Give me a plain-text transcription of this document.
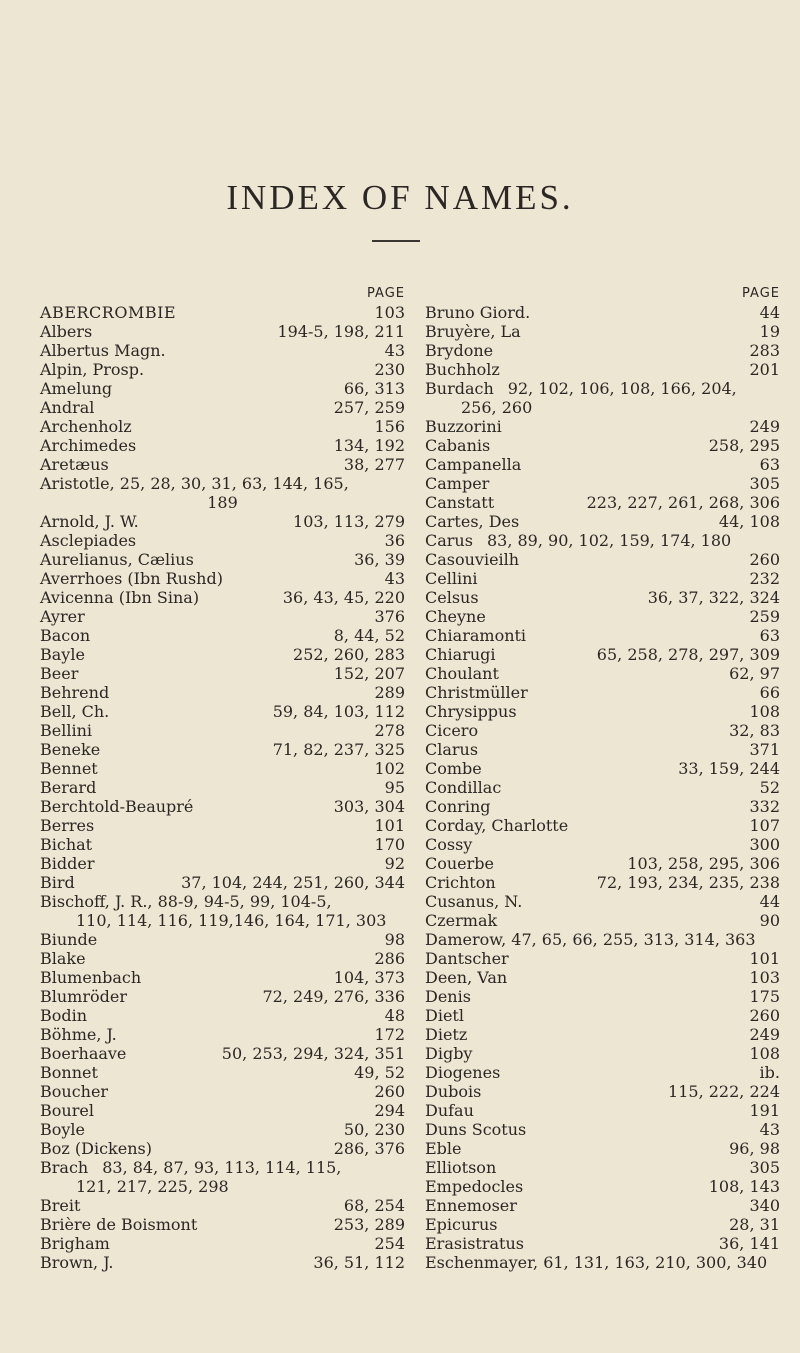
INDEX OF NAMES.
PAGE
ABERCROMBIE	103
Albers	194-5, 198, 211
Albertus Magn.	43
Alpin, Prosp.	230
Amelung	66, 313
Andral	257, 259
Archenholz	156
Archimedes	134, 192
Aretæus	38, 277
Aristotle, 25, 28, 30, 31, 63, 144, 165,
189
Arnold, J. W.	103, 113, 279
Asclepiades	36
Aurelianus, Cælius	36, 39
Averrhoes (Ibn Rushd)	43
Avicenna (Ibn Sina)	36, 43, 45, 220
Ayrer	376
Bacon	8, 44, 52
Bayle	252, 260, 283
Beer	152, 207
Behrend	289
Bell, Ch.	59, 84, 103, 112
Bellini	278
Beneke	71, 82, 237, 325
Bennet	102
Berard	95
Berchtold-Beaupré	303, 304
Berres	101
Bichat	170
Bidder	92
Bird	37, 104, 244, 251, 260, 344
Bischoff, J. R., 88-9, 94-5, 99, 104-5,
110, 114, 116, 119,146, 164, 171, 303
Biunde	98
Blake	286
Blumenbach	104, 373
Blumröder	72, 249, 276, 336
Bodin	48
Böhme, J.	172
Boerhaave	50, 253, 294, 324, 351
Bonnet	49, 52
Boucher	260
Bourel	294
Boyle	50, 230
Boz (Dickens)	286, 376
Brach 83, 84, 87, 93, 113, 114, 115,
121, 217, 225, 298
Breit	68, 254
Brière de Boismont	253, 289
Brigham	254
Brown, J.	36, 51, 112
PAGE
Bruno Giord.	44
Bruyère, La	19
Brydone	283
Buchholz	201
Burdach 92, 102, 106, 108, 166, 204,
256, 260
Buzzorini	249
Cabanis	258, 295
Campanella	63
Camper	305
Canstatt	223, 227, 261, 268, 306
Cartes, Des	44, 108
Carus 83, 89, 90, 102, 159, 174, 180
Casouvieilh	260
Cellini	232
Celsus	36, 37, 322, 324
Cheyne	259
Chiaramonti	63
Chiarugi	65, 258, 278, 297, 309
Choulant	62, 97
Christmüller	66
Chrysippus	108
Cicero	32, 83
Clarus	371
Combe	33, 159, 244
Condillac	52
Conring	332
Corday, Charlotte	107
Cossy	300
Couerbe	103, 258, 295, 306
Crichton	72, 193, 234, 235, 238
Cusanus, N.	44
Czermak	90
Damerow, 47, 65, 66, 255, 313, 314, 363
Dantscher	101
Deen, Van	103
Denis	175
Dietl	260
Dietz	249
Digby	108
Diogenes	ib.
Dubois	115, 222, 224
Dufau	191
Duns Scotus	43
Eble	96, 98
Elliotson	305
Empedocles	108, 143
Ennemoser	340
Epicurus	28, 31
Erasistratus	36, 141
Eschenmayer, 61, 131, 163, 210, 300, 340
